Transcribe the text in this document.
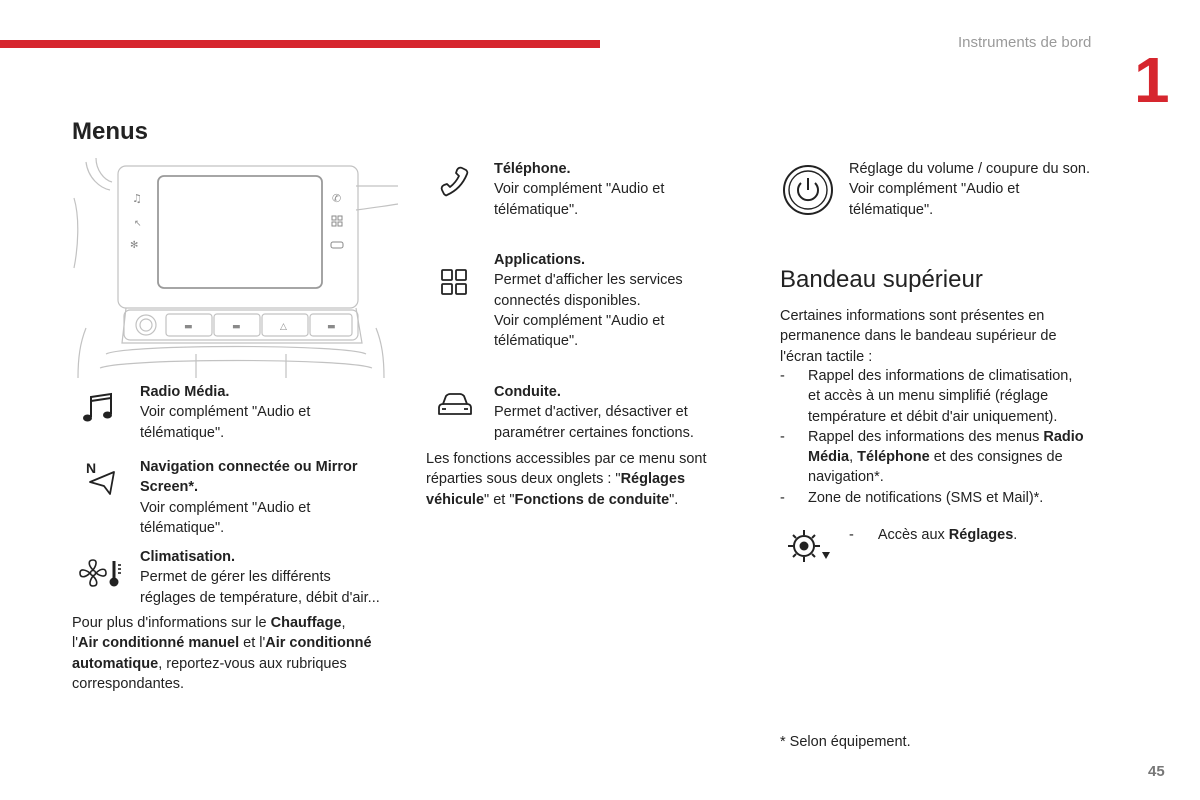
Instruments de bord
1
Menus
♫
↖
✻
✆
▬	▬	△	▬
Radio Média.
Voir complément "Audio et
télématique".
N	Navigation connectée ou Mirror
Screen*.
Voir complément "Audio et
télématique".
Climatisation.
Permet de gérer les différents
réglages de température, débit d'air...
Pour plus d'informations sur le Chauffage,
l'Air conditionné manuel et l'Air conditionné
automatique, reportez-vous aux rubriques
correspondantes.
Téléphone.
Voir complément "Audio et
télématique".
Applications.
Permet d'afficher les services
connectés disponibles.
Voir complément "Audio et
télématique".
Conduite.
Permet d'activer, désactiver et
paramétrer certaines fonctions.
Les fonctions accessibles par ce menu sont
réparties sous deux onglets : "Réglages
véhicule" et "Fonctions de conduite".
Réglage du volume / coupure du son.
Voir complément "Audio et
télématique".
Bandeau supérieur
Certaines informations sont présentes en
permanence dans le bandeau supérieur de
l'écran tactile :
- Rappel des informations de climatisation,
et accès à un menu simplifié (réglage
température et débit d'air uniquement).
- Rappel des informations des menus Radio
Média, Téléphone et des consignes de
navigation*.
- Zone de notifications (SMS et Mail)*.
- Accès aux Réglages.
* Selon équipement.
45
